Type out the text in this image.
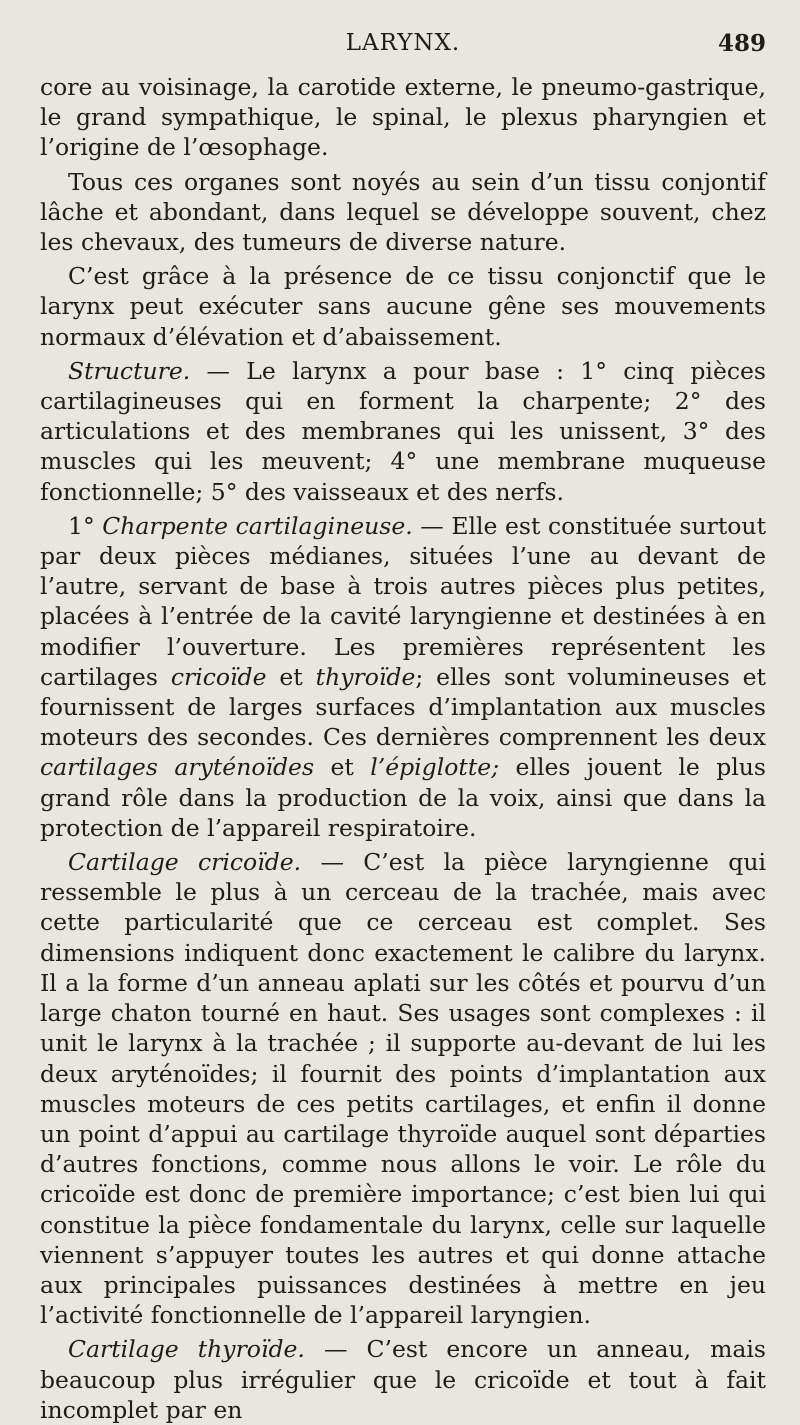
LARYNX.	489

core au voisinage, la carotide externe, le pneumo-gastrique, le grand sympathique, le spinal, le plexus pharyngien et l’origine de l’œsophage.

Tous ces organes sont noyés au sein d’un tissu conjontif lâche et abondant, dans lequel se développe souvent, chez les chevaux, des tumeurs de diverse nature.

C’est grâce à la présence de ce tissu conjonctif que le larynx peut exécuter sans aucune gêne ses mouvements normaux d’élévation et d’abaissement.

Structure. — Le larynx a pour base : 1° cinq pièces cartilagineuses qui en forment la charpente; 2° des articulations et des membranes qui les unissent, 3° des muscles qui les meuvent; 4° une membrane muqueuse fonctionnelle; 5° des vaisseaux et des nerfs.

1° Charpente cartilagineuse. — Elle est constituée surtout par deux pièces médianes, situées l’une au devant de l’autre, servant de base à trois autres pièces plus petites, placées à l’entrée de la cavité laryngienne et destinées à en modifier l’ouverture. Les premières représentent les cartilages cricoïde et thyroïde; elles sont volumineuses et fournissent de larges surfaces d’implantation aux muscles moteurs des secondes. Ces dernières comprennent les deux cartilages aryténoïdes et l’épiglotte; elles jouent le plus grand rôle dans la production de la voix, ainsi que dans la protection de l’appareil respiratoire.

Cartilage cricoïde. — C’est la pièce laryngienne qui ressemble le plus à un cerceau de la trachée, mais avec cette particularité que ce cerceau est complet. Ses dimensions indiquent donc exactement le calibre du larynx. Il a la forme d’un anneau aplati sur les côtés et pourvu d’un large chaton tourné en haut. Ses usages sont complexes : il unit le larynx à la trachée ; il supporte au-devant de lui les deux aryténoïdes; il fournit des points d’implantation aux muscles moteurs de ces petits cartilages, et enfin il donne un point d’appui au cartilage thyroïde auquel sont départies d’autres fonctions, comme nous allons le voir. Le rôle du cricoïde est donc de première importance; c’est bien lui qui constitue la pièce fondamentale du larynx, celle sur laquelle viennent s’appuyer toutes les autres et qui donne attache aux principales puissances destinées à mettre en jeu l’activité fonctionnelle de l’appareil laryngien.

Cartilage thyroïde. — C’est encore un anneau, mais beaucoup plus irrégulier que le cricoïde et tout à fait incomplet par en
